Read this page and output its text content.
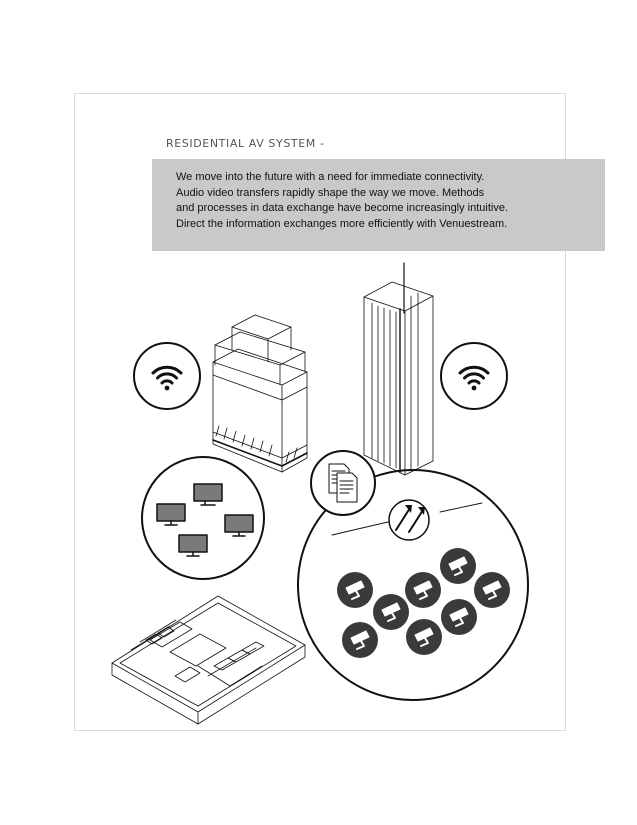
RESIDENTIAL AV SYSTEM -
We move into the future with a need for immediate connectivity.
Audio video transfers rapidly shape the way we move. Methods
and processes in data exchange have become increasingly intuitive.
Direct the information exchanges more efficiently with Venuestream.
